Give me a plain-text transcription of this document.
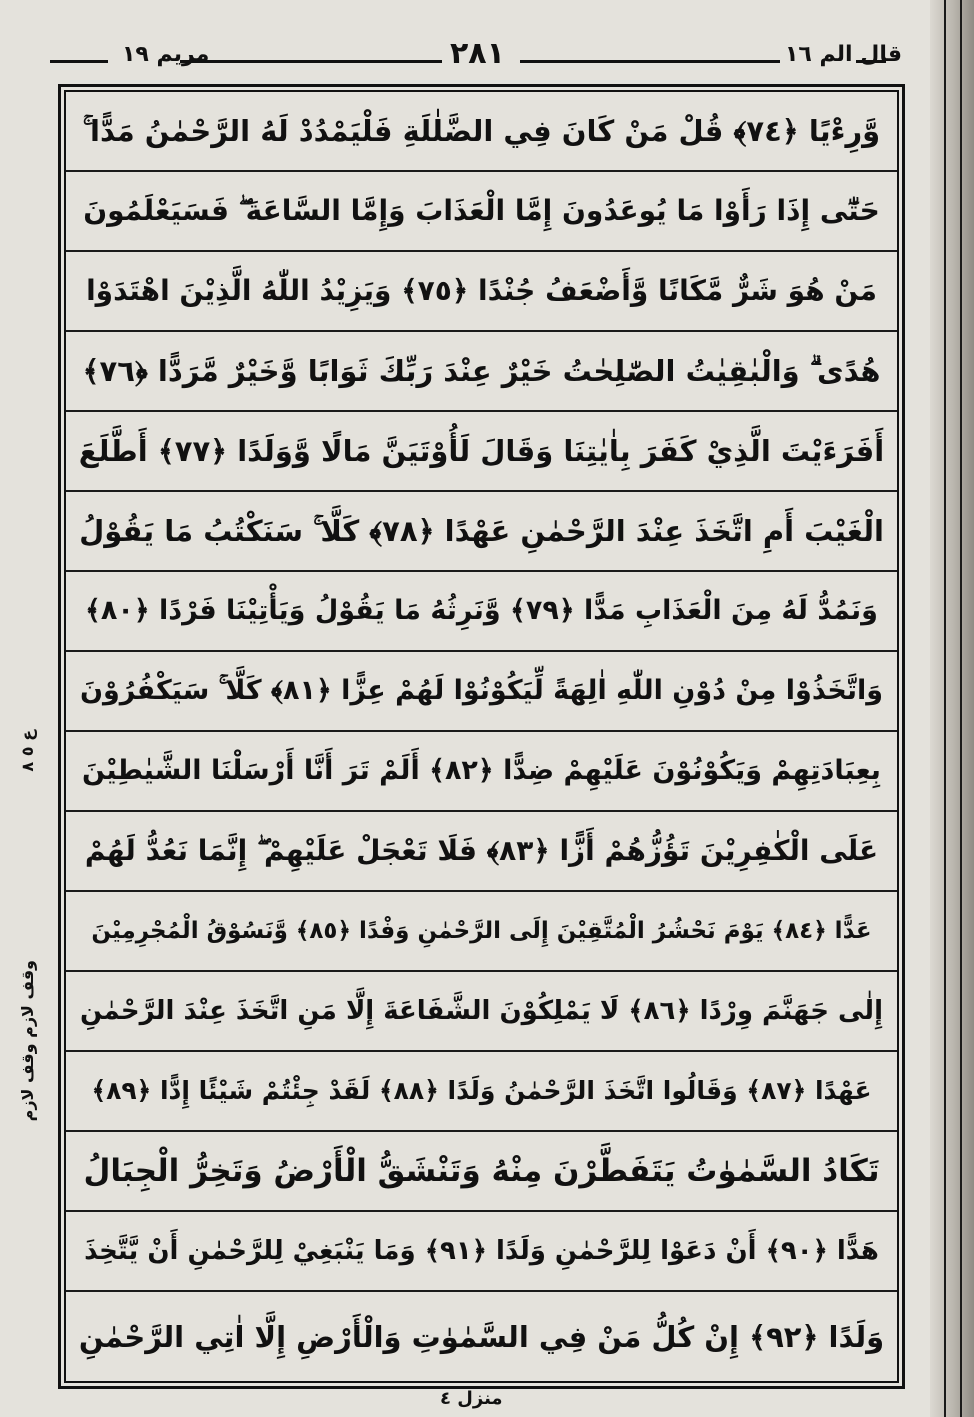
مريم ١٩	٢٨١	قال الم ١٦
وَّرِءْيًا ﴿٧٤﴾ قُلْ مَنْ كَانَ فِي الضَّلٰلَةِ فَلْيَمْدُدْ لَهُ الرَّحْمٰنُ مَدًّا ۚ
حَتّٰٓى إِذَا رَأَوْا مَا يُوعَدُونَ إِمَّا الْعَذَابَ وَإِمَّا السَّاعَةَ ۖ فَسَيَعْلَمُونَ
مَنْ هُوَ شَرٌّ مَّكَانًا وَّأَضْعَفُ جُنْدًا ﴿٧٥﴾ وَيَزِيْدُ اللّٰهُ الَّذِيْنَ اهْتَدَوْا
هُدًى ۗ وَالْبٰقِيٰتُ الصّٰلِحٰتُ خَيْرٌ عِنْدَ رَبِّكَ ثَوَابًا وَّخَيْرٌ مَّرَدًّا ﴿٧٦﴾
أَفَرَءَيْتَ الَّذِيْ كَفَرَ بِاٰيٰتِنَا وَقَالَ لَأُوْتَيَنَّ مَالًا وَّوَلَدًا ﴿٧٧﴾ أَطَّلَعَ
الْغَيْبَ أَمِ اتَّخَذَ عِنْدَ الرَّحْمٰنِ عَهْدًا ﴿٧٨﴾ كَلَّا ۚ سَنَكْتُبُ مَا يَقُوْلُ
وَنَمُدُّ لَهُ مِنَ الْعَذَابِ مَدًّا ﴿٧٩﴾ وَّنَرِثُهُ مَا يَقُوْلُ وَيَأْتِيْنَا فَرْدًا ﴿٨٠﴾
وَاتَّخَذُوْا مِنْ دُوْنِ اللّٰهِ اٰلِهَةً لِّيَكُوْنُوْا لَهُمْ عِزًّا ﴿٨١﴾ كَلَّا ۚ سَيَكْفُرُوْنَ
بِعِبَادَتِهِمْ وَيَكُوْنُوْنَ عَلَيْهِمْ ضِدًّا ﴿٨٢﴾ أَلَمْ تَرَ أَنَّا أَرْسَلْنَا الشَّيٰطِيْنَ
عَلَى الْكٰفِرِيْنَ تَؤُزُّهُمْ أَزًّا ﴿٨٣﴾ فَلَا تَعْجَلْ عَلَيْهِمْ ۖ إِنَّمَا نَعُدُّ لَهُمْ
عَدًّا ﴿٨٤﴾ يَوْمَ نَحْشُرُ الْمُتَّقِيْنَ إِلَى الرَّحْمٰنِ وَفْدًا ﴿٨٥﴾ وَّنَسُوْقُ الْمُجْرِمِيْنَ
إِلٰى جَهَنَّمَ وِرْدًا ﴿٨٦﴾ لَا يَمْلِكُوْنَ الشَّفَاعَةَ إِلَّا مَنِ اتَّخَذَ عِنْدَ الرَّحْمٰنِ
عَهْدًا ﴿٨٧﴾ وَقَالُوا اتَّخَذَ الرَّحْمٰنُ وَلَدًا ﴿٨٨﴾ لَقَدْ جِئْتُمْ شَيْئًا إِدًّا ﴿٨٩﴾
تَكَادُ السَّمٰوٰتُ يَتَفَطَّرْنَ مِنْهُ وَتَنْشَقُّ الْأَرْضُ وَتَخِرُّ الْجِبَالُ
هَدًّا ﴿٩٠﴾ أَنْ دَعَوْا لِلرَّحْمٰنِ وَلَدًا ﴿٩١﴾ وَمَا يَنْبَغِيْ لِلرَّحْمٰنِ أَنْ يَّتَّخِذَ
وَلَدًا ﴿٩٢﴾ إِنْ كُلُّ مَنْ فِي السَّمٰوٰتِ وَالْأَرْضِ إِلَّا اٰتِي الرَّحْمٰنِ
ع ٥ ٨
وقف لازم وقف لازم
منزل ٤
